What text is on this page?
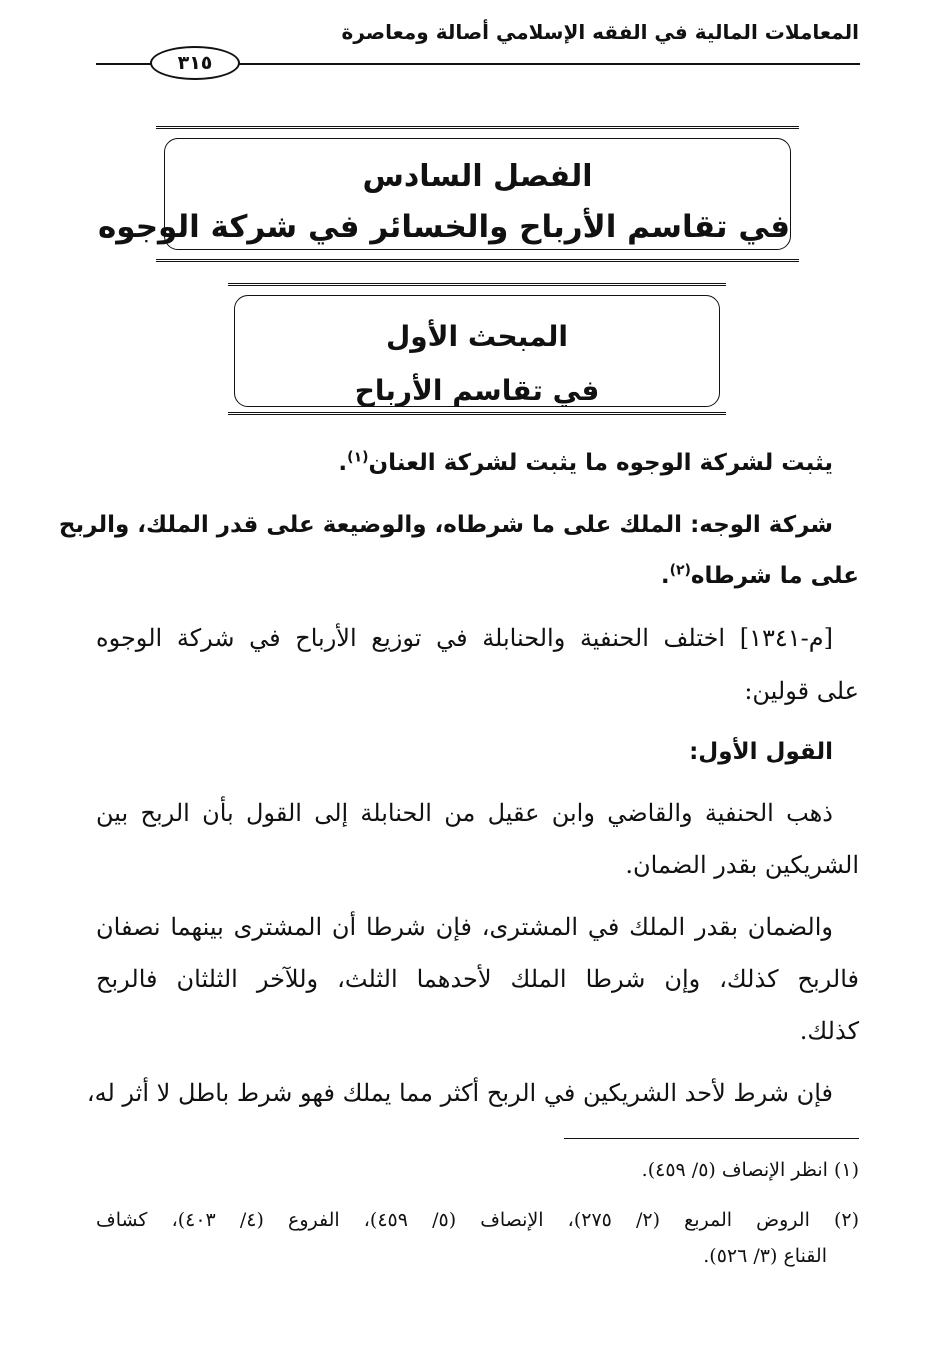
المعاملات المالية في الفقه الإسلامي أصالة ومعاصرة
٣١٥
الفصل السادس
في تقاسم الأرباح والخسائر في شركة الوجوه
المبحث الأول
في تقاسم الأرباح
يثبت لشركة الوجوه ما يثبت لشركة العنان$^{(١)}$.
شركة الوجه: الملك على ما شرطاه، والوضيعة على قدر الملك، والربح
على ما شرطاه$^{(٢)}$.
[م-١٣٤١] اختلف الحنفية والحنابلة في توزيع الأرباح في شركة الوجوه
على قولين:
القول الأول:
ذهب الحنفية والقاضي وابن عقيل من الحنابلة إلى القول بأن الربح بين
الشريكين بقدر الضمان.
والضمان بقدر الملك في المشترى، فإن شرطا أن المشترى بينهما نصفان
فالربح كذلك، وإن شرطا الملك لأحدهما الثلث، وللآخر الثلثان فالربح
كذلك.
فإن شرط لأحد الشريكين في الربح أكثر مما يملك فهو شرط باطل لا أثر له،
(١) انظر الإنصاف (٥/ ٤٥٩).
(٢) الروض المربع (٢/ ٢٧٥)، الإنصاف (٥/ ٤٥٩)، الفروع (٤/ ٤٠٣)، كشاف
القناع (٣/ ٥٢٦).
